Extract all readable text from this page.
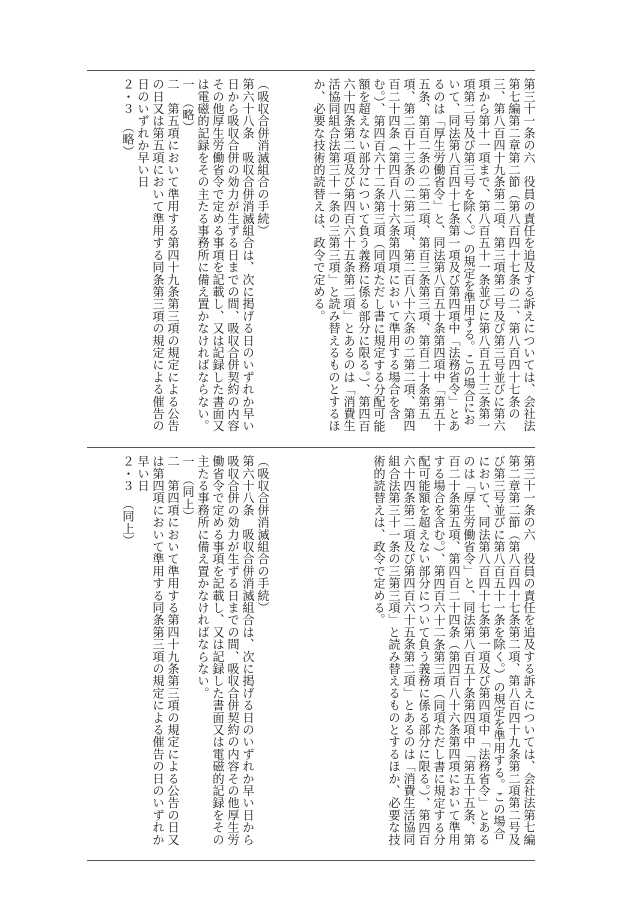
第三十一条の六　役員の責任を追及する訴えについては、会社法第七編第二章第二節（第八百四十七条の二、第八百四十七条の三、第八百四十九条第二項、第三項第二号及び第三号並びに第六項から第十一項まで、第八百五十一条並びに第八百五十三条第一項第二号及び第三号を除く。）の規定を準用する。この場合において、同法第八百四十七条第一項及び第四項中「法務省令」とあるのは「厚生労働省令」と、同法第八百五十条第四項中「第五十五条、第百二条の二第二項、第百三条第三項、第百二十条第五項、第二百十三条の二第二項、第二百八十六条の二第二項、第四百二十四条（第四百八十六条第四項において準用する場合を含む。）、第四百六十二条第三項（同項ただし書に規定する分配可能額を超えない部分について負う義務に係る部分に限る。）、第四百六十四条第二項及び第四百六十五条第二項」とあるのは「消費生活協同組合法第三十一条の三第三項」と読み替えるものとするほか、必要な技術的読替えは、政令で定める。

（吸収合併消滅組合の手続）
第六十八条　吸収合併消滅組合は、次に掲げる日のいずれか早い日から吸収合併の効力が生ずる日までの間、吸収合併契約の内容その他厚生労働省令で定める事項を記載し、又は記録した書面又は電磁的記録をその主たる事務所に備え置かなければならない。
一　（略）
二　第五項において準用する第四十九条第三項の規定による公告の日又は第五項において準用する同条第三項の規定による催告の日のいずれか早い日
２・３　（略）

第三十一条の六　役員の責任を追及する訴えについては、会社法第七編第二章第二節（第八百四十七条第二項、第八百四十九条第二項第二号及び第三号並びに第八百五十一条を除く。）の規定を準用する。この場合において、同法第八百四十七条第一項及び第四項中「法務省令」とあるのは「厚生労働省令」と、同法第八百五十条第四項中「第五十五条、第百二十条第五項、第四百二十四条（第四百八十六条第四項において準用する場合を含む。）、第四百六十二条第三項（同項ただし書に規定する分配可能額を超えない部分について負う義務に係る部分に限る。）、第四百六十四条第二項及び第四百六十五条第二項」とあるのは「消費生活協同組合法第三十一条の三第三項」と読み替えるものとするほか、必要な技術的読替えは、政令で定める。

（吸収合併消滅組合の手続）
第六十八条　吸収合併消滅組合は、次に掲げる日のいずれか早い日から吸収合併の効力が生ずる日までの間、吸収合併契約の内容その他厚生労働省令で定める事項を記載し、又は記録した書面又は電磁的記録をその主たる事務所に備え置かなければならない。
一　（同上）
二　第四項において準用する第四十九条第三項の規定による公告の日又は第四項において準用する同条第三項の規定による催告の日のいずれか早い日
２・３　（同上）
